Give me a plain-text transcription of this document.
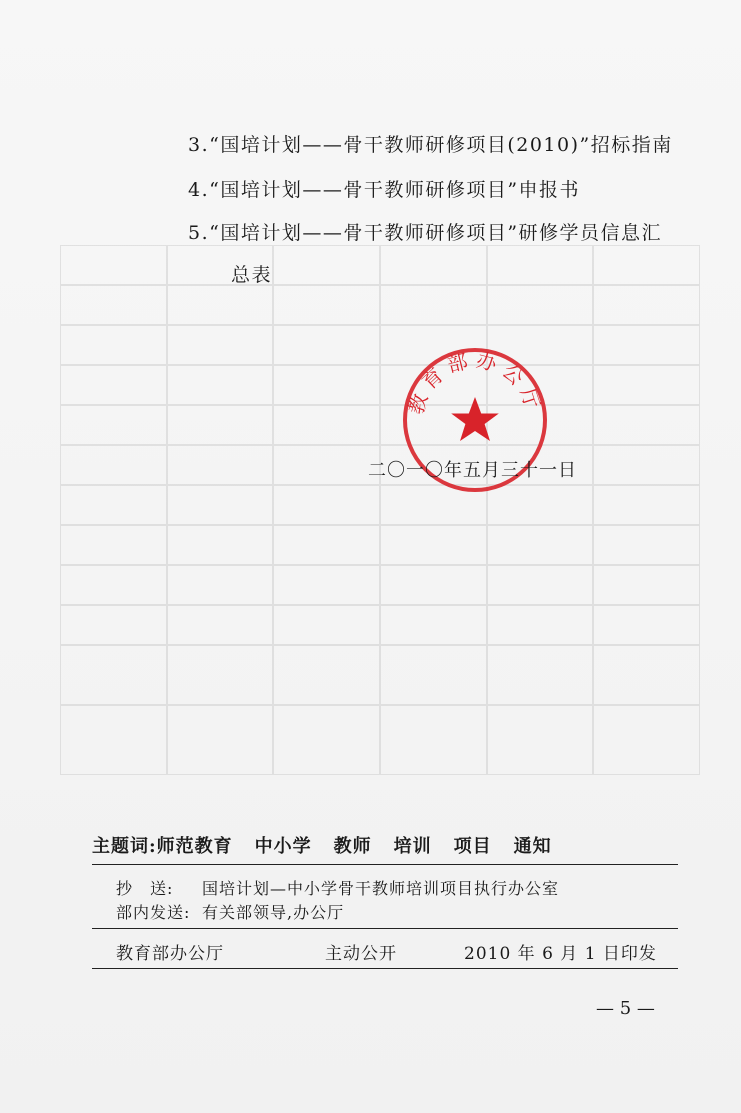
3.“国培计划——骨干教师研修项目(2010)”招标指南
4.“国培计划——骨干教师研修项目”申报书
5.“国培计划——骨干教师研修项目”研修学员信息汇
总表
教育部办公厅
二〇一〇年五月三十一日
主题词:师范教育 中小学 教师 培训 项目 通知
抄　送: 国培计划—中小学骨干教师培训项目执行办公室
部内发送: 有关部领导,办公厅
教育部办公厅	主动公开	2010 年 6 月 1 日印发
— 5 —
